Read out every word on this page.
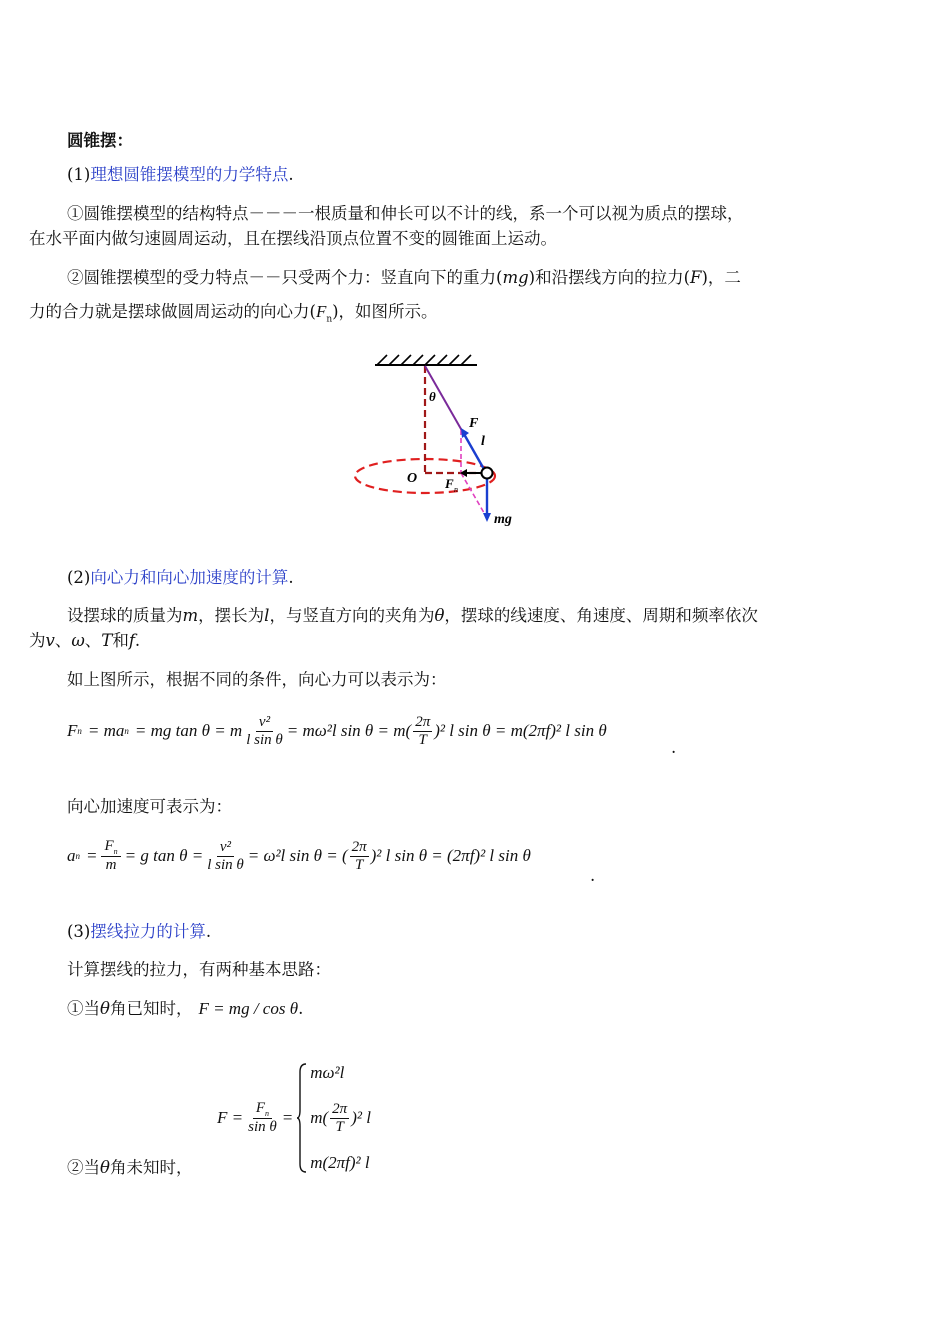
圆锥摆：
(1)理想圆锥摆模型的力学特点.
①圆锥摆模型的结构特点－－－一根质量和伸长可以不计的线，系一个可以视为质点的摆球，
在水平面内做匀速圆周运动，且在摆线沿顶点位置不变的圆锥面上运动。
②圆锥摆模型的受力特点－－只受两个力：竖直向下的重力(mg)和沿摆线方向的拉力(F)，二
力的合力就是摆球做圆周运动的向心力$(F_n)$，如图所示。
θ
F
l
O F n
mg
(2)向心力和向心加速度的计算.
设摆球的质量为m，摆长为l，与竖直方向的夹角为θ，摆球的线速度、角速度、周期和频率依次
为v、ω、T和f.
如上图所示，根据不同的条件，向心力可以表示为：
F n = ma n = mg tan θ = m $\frac{\text{v²}}{\text{l sin θ}} = m\omega^2l$ sin θ = m( 2π
T )² l sin θ = m(2πf)² l sin θ
.
向心加速度可表示为：
a $n = \frac{F_n}{m} = g$ $\tan \theta = \frac{\text{v²}}{\text{l sin θ}} = \omega^2l$ sin θ = ( 2π
T )² l sin θ = (2πf)² l sin θ
.
(3)摆线拉力的计算.
计算摆线的拉力，有两种基本思路：
①当θ角已知时， F = mg / cos θ.
$F = \frac{F_n}{\text{sin θ}}$ =
mω²l
$m( \frac{2\pi}{T} )^2$ l
m(2πf)² l
②当θ角未知时，
